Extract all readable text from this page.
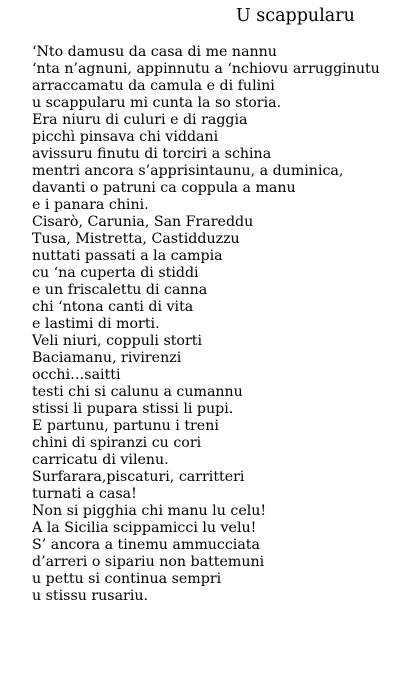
U scappularu
‘Nto damusu da casa di me nannu
‘nta n’agnuni, appinnutu a ‘nchiovu arrugginutu
arraccamatu da camula e di fulini
u scappularu mi cunta la so storia.
Era niuru di culuri e di raggia
picchì pinsava chi viddani
avissuru finutu di torciri a schina
mentri ancora s’apprisintaunu, a duminica,
davanti o patruni ca coppula a manu
e i panara chini.
Cisarò, Carunia, San Frareddu
Tusa, Mistretta, Castidduzzu
nuttati passati a la campia
cu ‘na cuperta di stiddi
e un friscalettu di canna
chi ‘ntona canti di vita
e lastimi di morti.
Veli niuri, coppuli storti
Baciamanu, rivirenzi
occhi…saitti
testi chi si calunu a cumannu
stissi li pupara stissi li pupi.
E partunu, partunu i treni
chini di spiranzi cu cori
carricatu di vilenu.
Surfarara,piscaturi, carritteri
turnati a casa!
Non si pigghia chi manu lu celu!
A la Sicilia scippamicci lu velu!
S’ ancora a tinemu ammucciata
d’arreri o sipariu non battemuni
u pettu si continua sempri
u stissu rusariu.
